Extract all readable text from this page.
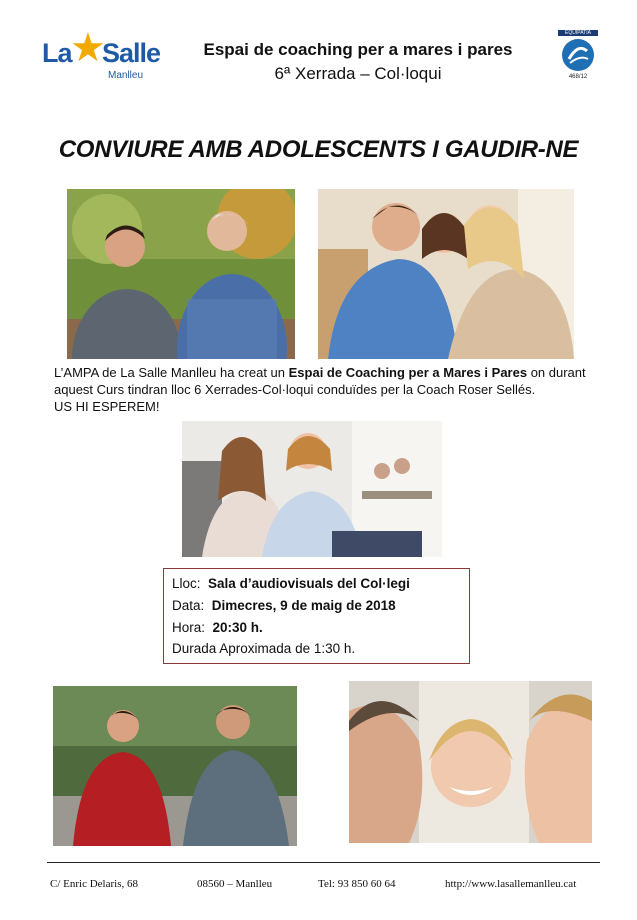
La
★
Salle
Manlleu
Espai de coaching per a mares i pares
6ª Xerrada – Col·loqui
EQUIPATIA
468/12
CONVIURE AMB ADOLESCENTS I GAUDIR-NE
L’AMPA de La Salle Manlleu ha creat un Espai de Coaching per a Mares i Pares on durant aquest Curs tindran lloc 6 Xerrades-Col·loqui conduïdes per la Coach Roser Sellés.
US HI ESPEREM!
Lloc: Sala d’audiovisuals del Col·legi
Data: Dimecres, 9 de maig de 2018
Hora: 20:30 h.
Durada Aproximada de 1:30 h.
C/ Enric Delaris, 68	08560 – Manlleu	Tel: 93 850 60 64	http://www.lasallemanlleu.cat
